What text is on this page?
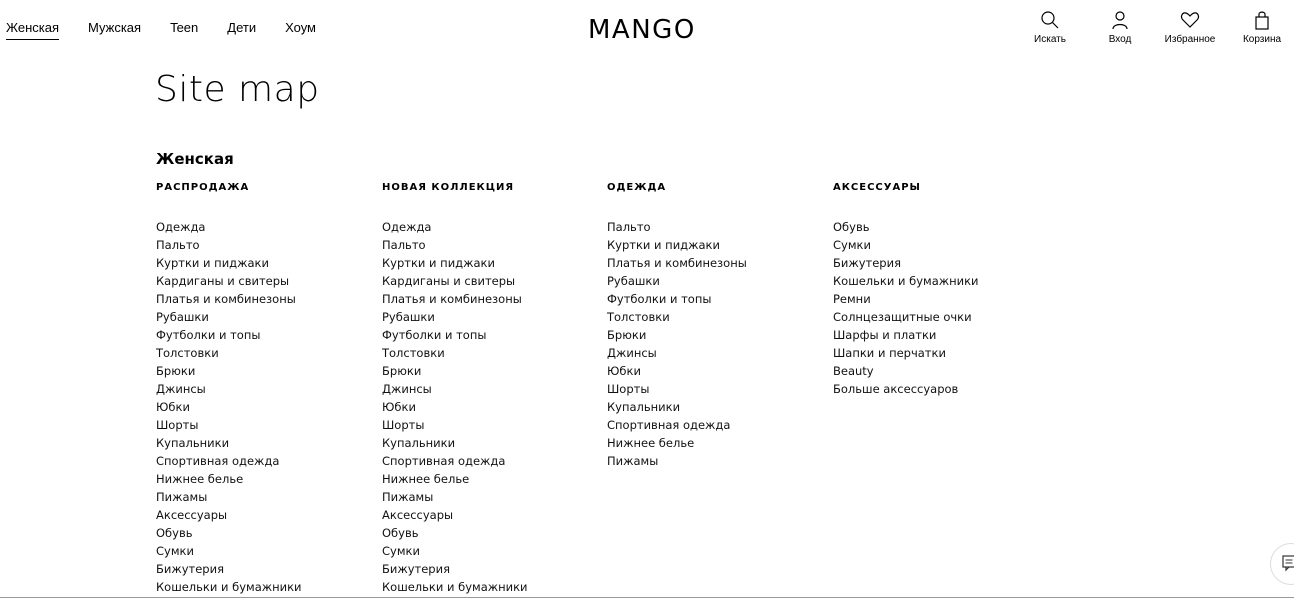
Женская Мужская Teen Дети Хоум	MANGO	Искать	Вход	Избранное	Корзина
Site map
Женская
РАСПРОДАЖА
Одежда
Пальто
Куртки и пиджаки
Кардиганы и свитеры
Платья и комбинезоны
Рубашки
Футболки и топы
Толстовки
Брюки
Джинсы
Юбки
Шорты
Купальники
Спортивная одежда
Нижнее белье
Пижамы
Аксессуары
Обувь
Сумки
Бижутерия
Кошельки и бумажники
НОВАЯ КОЛЛЕКЦИЯ
Одежда
Пальто
Куртки и пиджаки
Кардиганы и свитеры
Платья и комбинезоны
Рубашки
Футболки и топы
Толстовки
Брюки
Джинсы
Юбки
Шорты
Купальники
Спортивная одежда
Нижнее белье
Пижамы
Аксессуары
Обувь
Сумки
Бижутерия
Кошельки и бумажники
ОДЕЖДА
Пальто
Куртки и пиджаки
Платья и комбинезоны
Рубашки
Футболки и топы
Толстовки
Брюки
Джинсы
Юбки
Шорты
Купальники
Спортивная одежда
Нижнее белье
Пижамы
АКСЕССУАРЫ
Обувь
Сумки
Бижутерия
Кошельки и бумажники
Ремни
Солнцезащитные очки
Шарфы и платки
Шапки и перчатки
Beauty
Больше аксессуаров
